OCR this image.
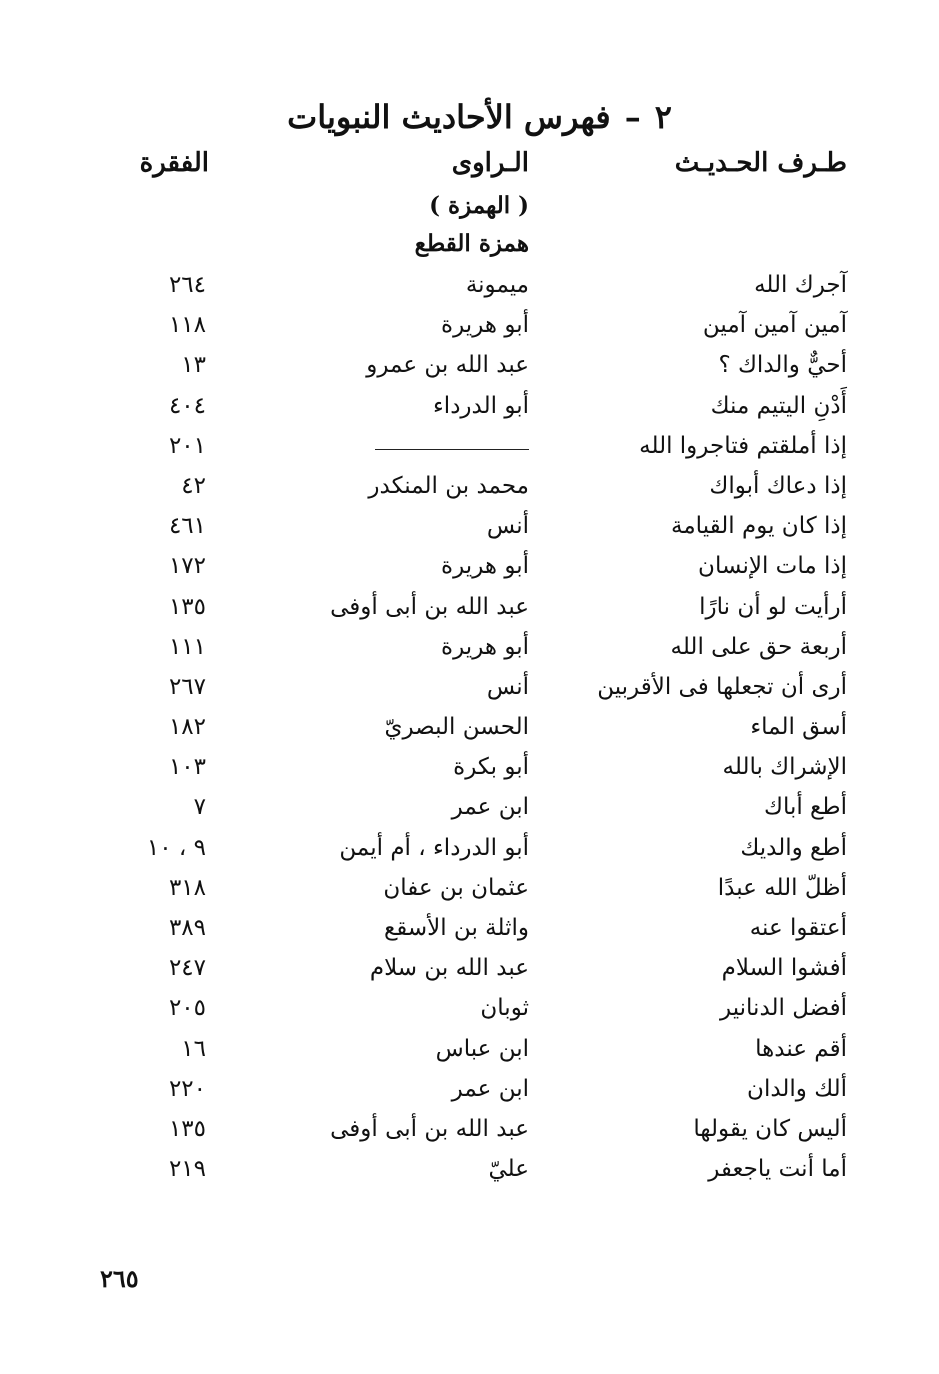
٢–فهرس الأحاديث النبويات
طـرف الحـديـث
الـراوى
الفقرة
( الهمزة )
همزة القطع
آجرك الله
ميمونة
٢٦٤
آمين آمين آمين
أبو هريرة
١١٨
أحيٌّ والداك ؟
عبد الله بن عمرو
١٣
أَدْنِ اليتيم منك
أبو الدرداء
٤٠٤
إذا أملقتم فتاجروا الله
٢٠١
إذا دعاك أبواك
محمد بن المنكدر
٤٢
إذا كان يوم القيامة
أنس
٤٦١
إذا مات الإنسان
أبو هريرة
١٧٢
أرأيت لو أن نارًا
عبد الله بن أبى أوفى
١٣٥
أربعة حق على الله
أبو هريرة
١١١
أرى أن تجعلها فى الأقربين
أنس
٢٦٧
أسق الماء
الحسن البصريّ
١٨٢
الإشراك بالله
أبو بكرة
١٠٣
أطع أباك
ابن عمر
٧
أطع والديك
أبو الدرداء ، أم أيمن
٩ ، ١٠
أظلّ الله عبدًا
عثمان بن عفان
٣١٨
أعتقوا عنه
واثلة بن الأسقع
٣٨٩
أفشوا السلام
عبد الله بن سلام
٢٤٧
أفضل الدنانير
ثوبان
٢٠٥
أقم عندها
ابن عباس
١٦
ألك والدان
ابن عمر
٢٢٠
أليس كان يقولها
عبد الله بن أبى أوفى
١٣٥
أما أنت ياجعفر
عليّ
٢١٩
٢٦٥
